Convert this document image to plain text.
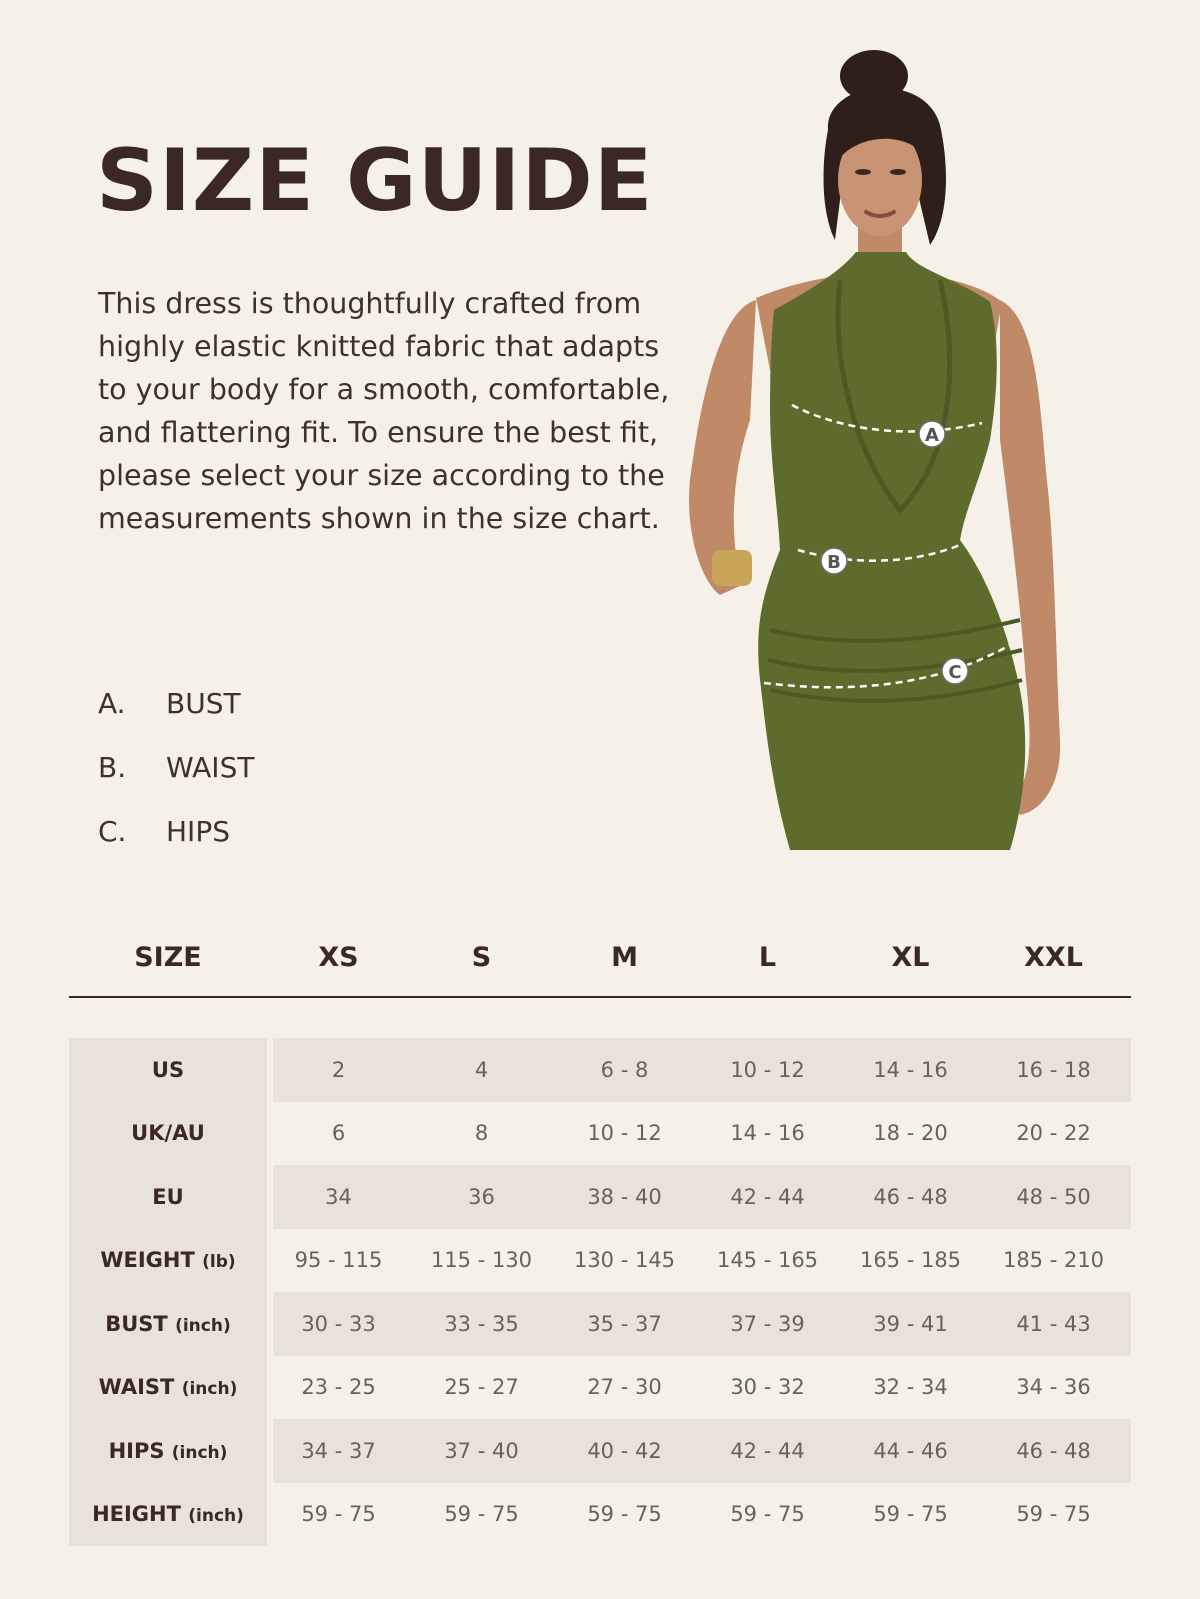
SIZE GUIDE

This dress is thoughtfully crafted from highly elastic knitted fabric that adapts to your body for a smooth, comfortable, and flattering fit. To ensure the best fit, please select your size according to the measurements shown in the size chart.

A.	BUST
B.	WAIST
C.	HIPS
A
B
C
SIZE	XS	S	M	L	XL	XXL
US	2	4	6 - 8	10 - 12	14 - 16	16 - 18
UK/AU	6	8	10 - 12	14 - 16	18 - 20	20 - 22
EU	34	36	38 - 40	42 - 44	46 - 48	48 - 50
WEIGHT (lb)	95 - 115	115 - 130	130 - 145	145 - 165	165 - 185	185 - 210
BUST (inch)	30 - 33	33 - 35	35 - 37	37 - 39	39 - 41	41 - 43
WAIST (inch)	23 - 25	25 - 27	27 - 30	30 - 32	32 - 34	34 - 36
HIPS (inch)	34 - 37	37 - 40	40 - 42	42 - 44	44 - 46	46 - 48
HEIGHT (inch)	59 - 75	59 - 75	59 - 75	59 - 75	59 - 75	59 - 75
